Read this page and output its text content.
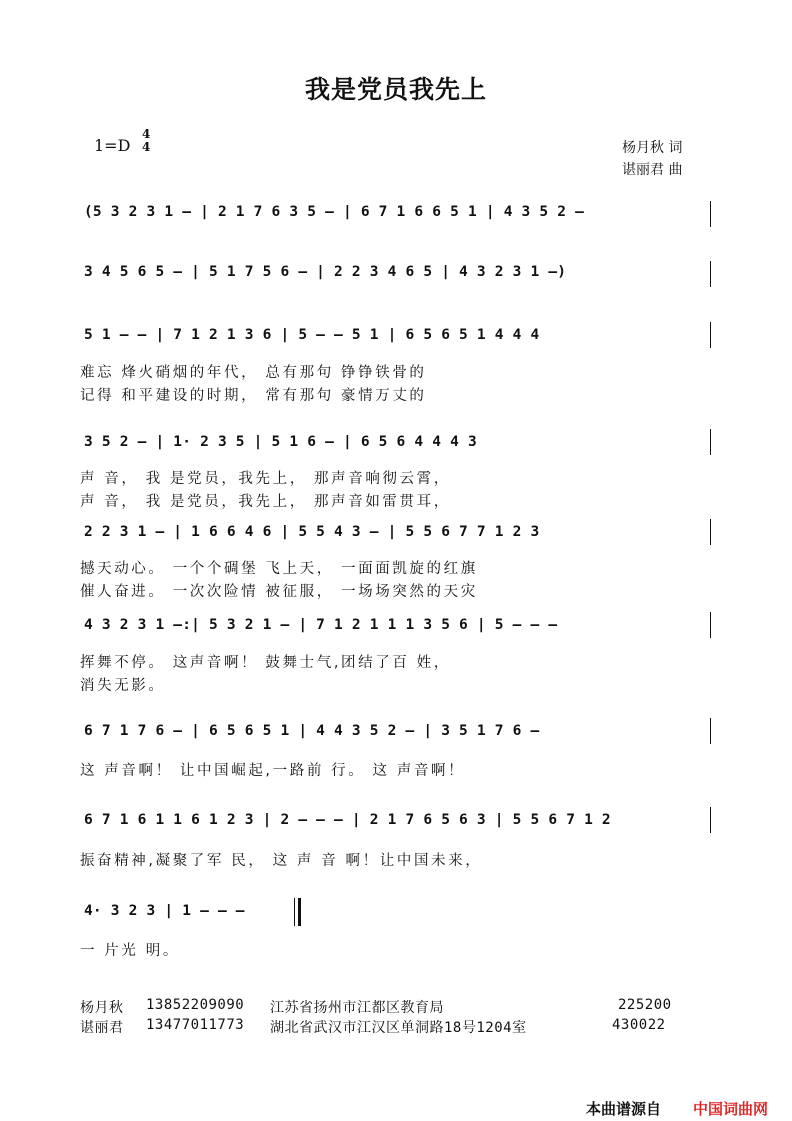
我是党员我先上
1=D
4
4	杨月秋 词
谌丽君 曲
(5 3 2 3 1 – | 2 1 7 6 3 5 – | 6 7 1 6 6 5 1 | 4 3 5 2 –
3 4 5 6 5 – | 5 1 7 5 6 – | 2 2 3 4 6 5 | 4 3 2 3 1 –)
5 1 – – | 7 1 2 1 3 6 | 5 – – 5 1 | 6 5 6 5 1 4 4 4
难忘 烽火硝烟的年代， 总有那句 铮铮铁骨的
记得 和平建设的时期， 常有那句 豪情万丈的
3 5 2 – | 1· 2 3 5 | 5 1 6 – | 6 5 6 4 4 4 3
声 音， 我 是党员，我先上， 那声音响彻云霄，
声 音， 我 是党员，我先上， 那声音如雷贯耳，
2 2 3 1 – | 1 6 6 4 6 | 5 5 4 3 – | 5 5 6 7 7 1 2 3
撼天动心。 一个个碉堡 飞上天， 一面面凯旋的红旗
催人奋进。 一次次险情 被征服， 一场场突然的天灾
4 3 2 3 1 –:| 5 3 2 1 – | 7 1 2 1 1 1 3 5 6 | 5 – – –
挥舞不停。 这声音啊！ 鼓舞士气,团结了百 姓，
消失无影。
6 7 1 7 6 – | 6 5 6 5 1 | 4 4 3 5 2 – | 3 5 1 7 6 –
这 声音啊！ 让中国崛起,一路前 行。 这 声音啊！
6 7 1 6 1 1 6 1 2 3 | 2 – – – | 2 1 7 6 5 6 3 | 5 5 6 7 1 2
振奋精神,凝聚了军 民， 这 声 音 啊！让中国未来，
4· 3 2 3 | 1 – – –
一 片光 明。
杨月秋 13852209090 江苏省扬州市江都区教育局	225200
谌丽君 13477011773 湖北省武汉市江汉区单洞路18号1204室	430022
本曲谱源自 中国词曲网
